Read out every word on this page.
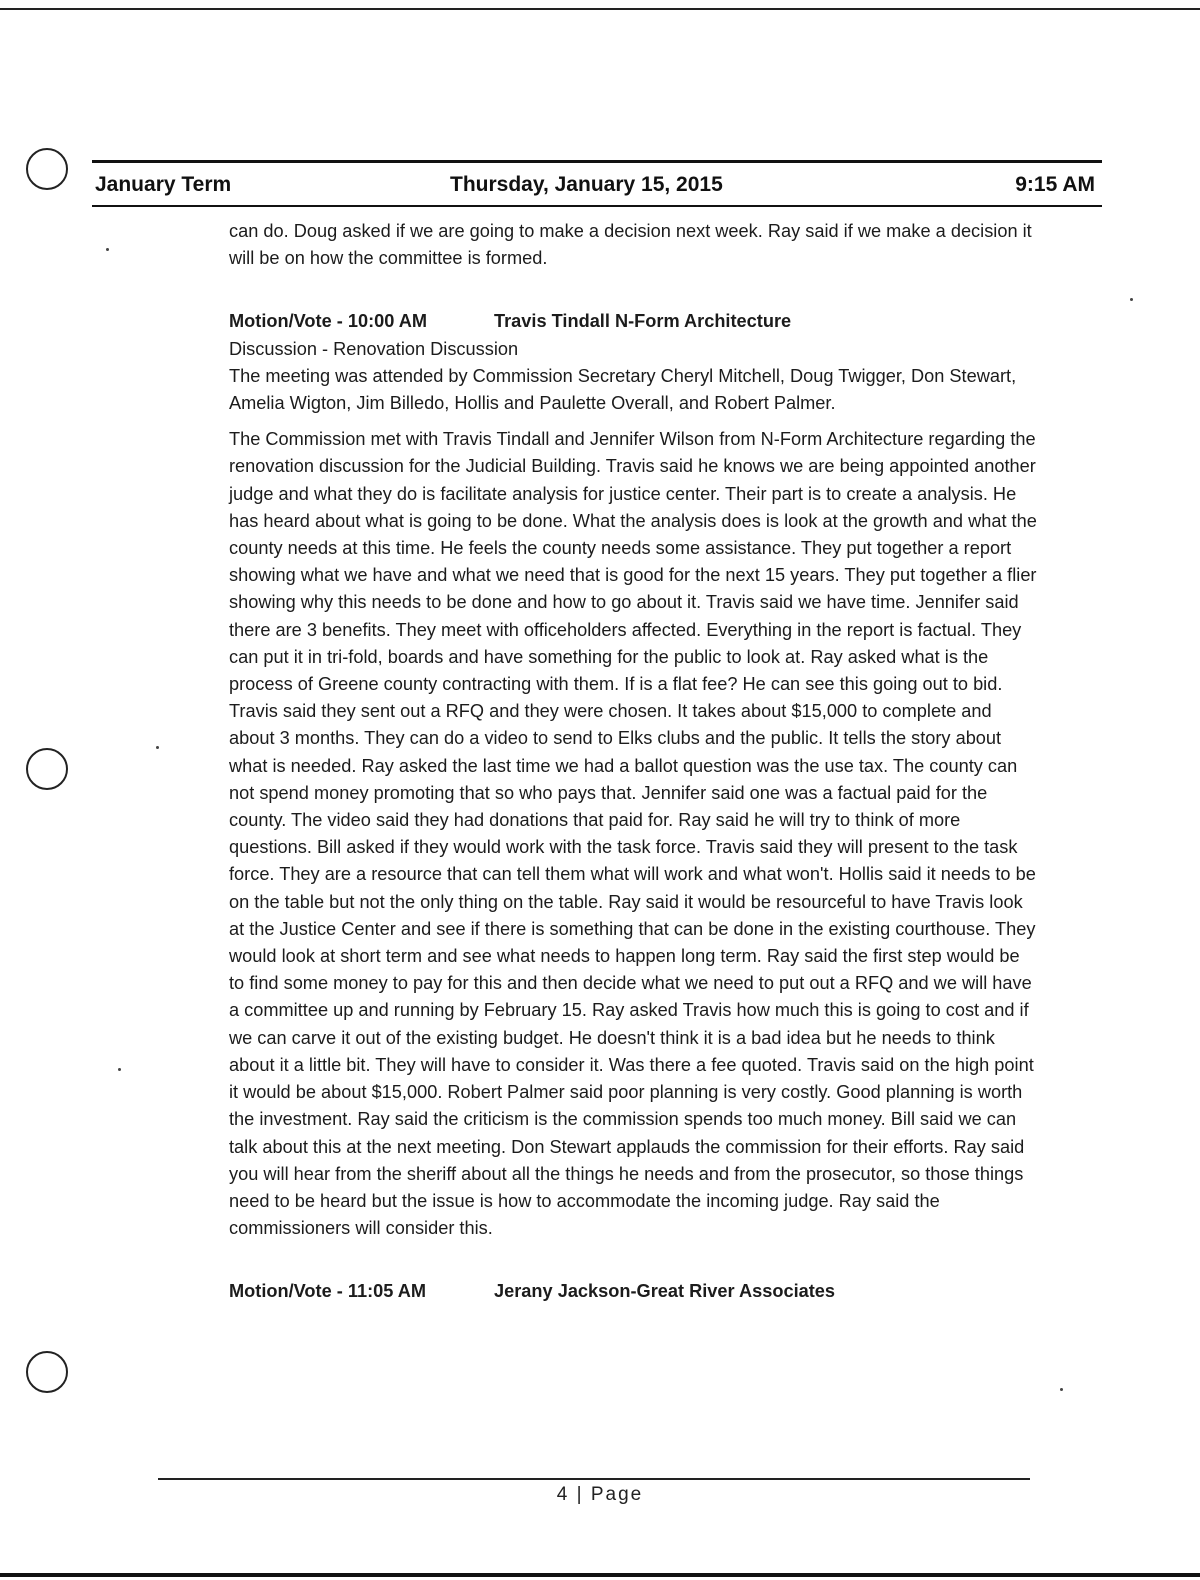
January Term	Thursday, January 15, 2015	9:15 AM

can do. Doug asked if we are going to make a decision next week. Ray said if we make a decision it will be on how the committee is formed.

Motion/Vote - 10:00 AM	Travis Tindall N-Form Architecture

Discussion - Renovation Discussion

The meeting was attended by Commission Secretary Cheryl Mitchell, Doug Twigger, Don Stewart, Amelia Wigton, Jim Billedo, Hollis and Paulette Overall, and Robert Palmer.

The Commission met with Travis Tindall and Jennifer Wilson from N-Form Architecture regarding the renovation discussion for the Judicial Building. Travis said he knows we are being appointed another judge and what they do is facilitate analysis for justice center. Their part is to create a analysis. He has heard about what is going to be done. What the analysis does is look at the growth and what the county needs at this time. He feels the county needs some assistance. They put together a report showing what we have and what we need that is good for the next 15 years. They put together a flier showing why this needs to be done and how to go about it. Travis said we have time. Jennifer said there are 3 benefits. They meet with officeholders affected. Everything in the report is factual. They can put it in tri-fold, boards and have something for the public to look at. Ray asked what is the process of Greene county contracting with them. If is a flat fee? He can see this going out to bid. Travis said they sent out a RFQ and they were chosen. It takes about $15,000 to complete and about 3 months. They can do a video to send to Elks clubs and the public. It tells the story about what is needed. Ray asked the last time we had a ballot question was the use tax. The county can not spend money promoting that so who pays that. Jennifer said one was a factual paid for the county. The video said they had donations that paid for. Ray said he will try to think of more questions. Bill asked if they would work with the task force. Travis said they will present to the task force. They are a resource that can tell them what will work and what won't. Hollis said it needs to be on the table but not the only thing on the table. Ray said it would be resourceful to have Travis look at the Justice Center and see if there is something that can be done in the existing courthouse. They would look at short term and see what needs to happen long term. Ray said the first step would be to find some money to pay for this and then decide what we need to put out a RFQ and we will have a committee up and running by February 15. Ray asked Travis how much this is going to cost and if we can carve it out of the existing budget. He doesn't think it is a bad idea but he needs to think about it a little bit. They will have to consider it. Was there a fee quoted. Travis said on the high point it would be about $15,000. Robert Palmer said poor planning is very costly. Good planning is worth the investment. Ray said the criticism is the commission spends too much money. Bill said we can talk about this at the next meeting. Don Stewart applauds the commission for their efforts. Ray said you will hear from the sheriff about all the things he needs and from the prosecutor, so those things need to be heard but the issue is how to accommodate the incoming judge. Ray said the commissioners will consider this.

Motion/Vote - 11:05 AM	Jerany Jackson-Great River Associates
4 | Page
